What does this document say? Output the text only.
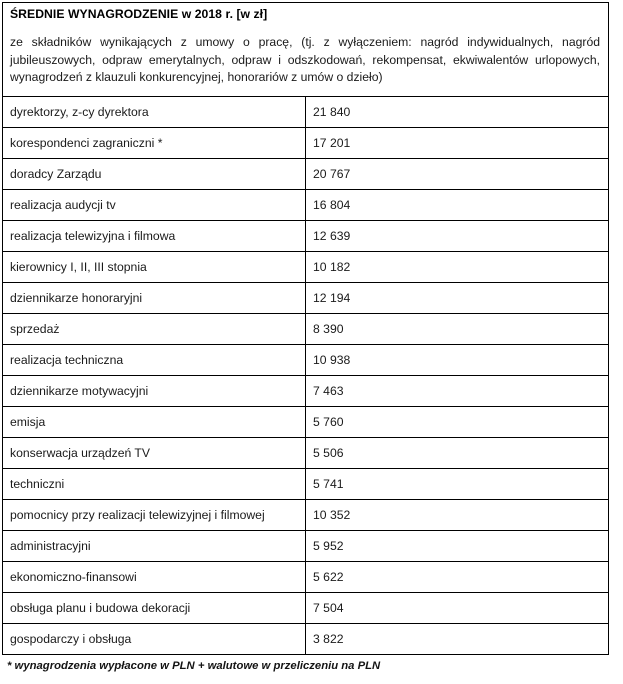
ŚREDNIE WYNAGRODZENIE w 2018 r. [w zł]
ze składników wynikających z umowy o pracę, (tj. z wyłączeniem: nagród indywidualnych, nagród jubileuszowych, odpraw emerytalnych, odpraw i odszkodowań, rekompensat, ekwiwalentów urlopowych, wynagrodzeń z klauzuli konkurencyjnej, honorariów z umów o dzieło)	

dyrektorzy, z-cy dyrektora	21 840
korespondenci zagraniczni *	17 201
doradcy Zarządu	20 767
realizacja audycji tv	16 804
realizacja telewizyjna i filmowa	12 639
kierownicy I, II, III stopnia	10 182
dziennikarze honoraryjni	12 194
sprzedaż	8 390
realizacja techniczna	10 938
dziennikarze motywacyjni	7 463
emisja	5 760
konserwacja urządzeń TV	5 506
techniczni	5 741
pomocnicy przy realizacji telewizyjnej i filmowej	10 352
administracyjni	5 952
ekonomiczno-finansowi	5 622
obsługa planu i budowa dekoracji	7 504
gospodarczy i obsługa	3 822
* wynagrodzenia wypłacone w PLN + walutowe w przeliczeniu na PLN
